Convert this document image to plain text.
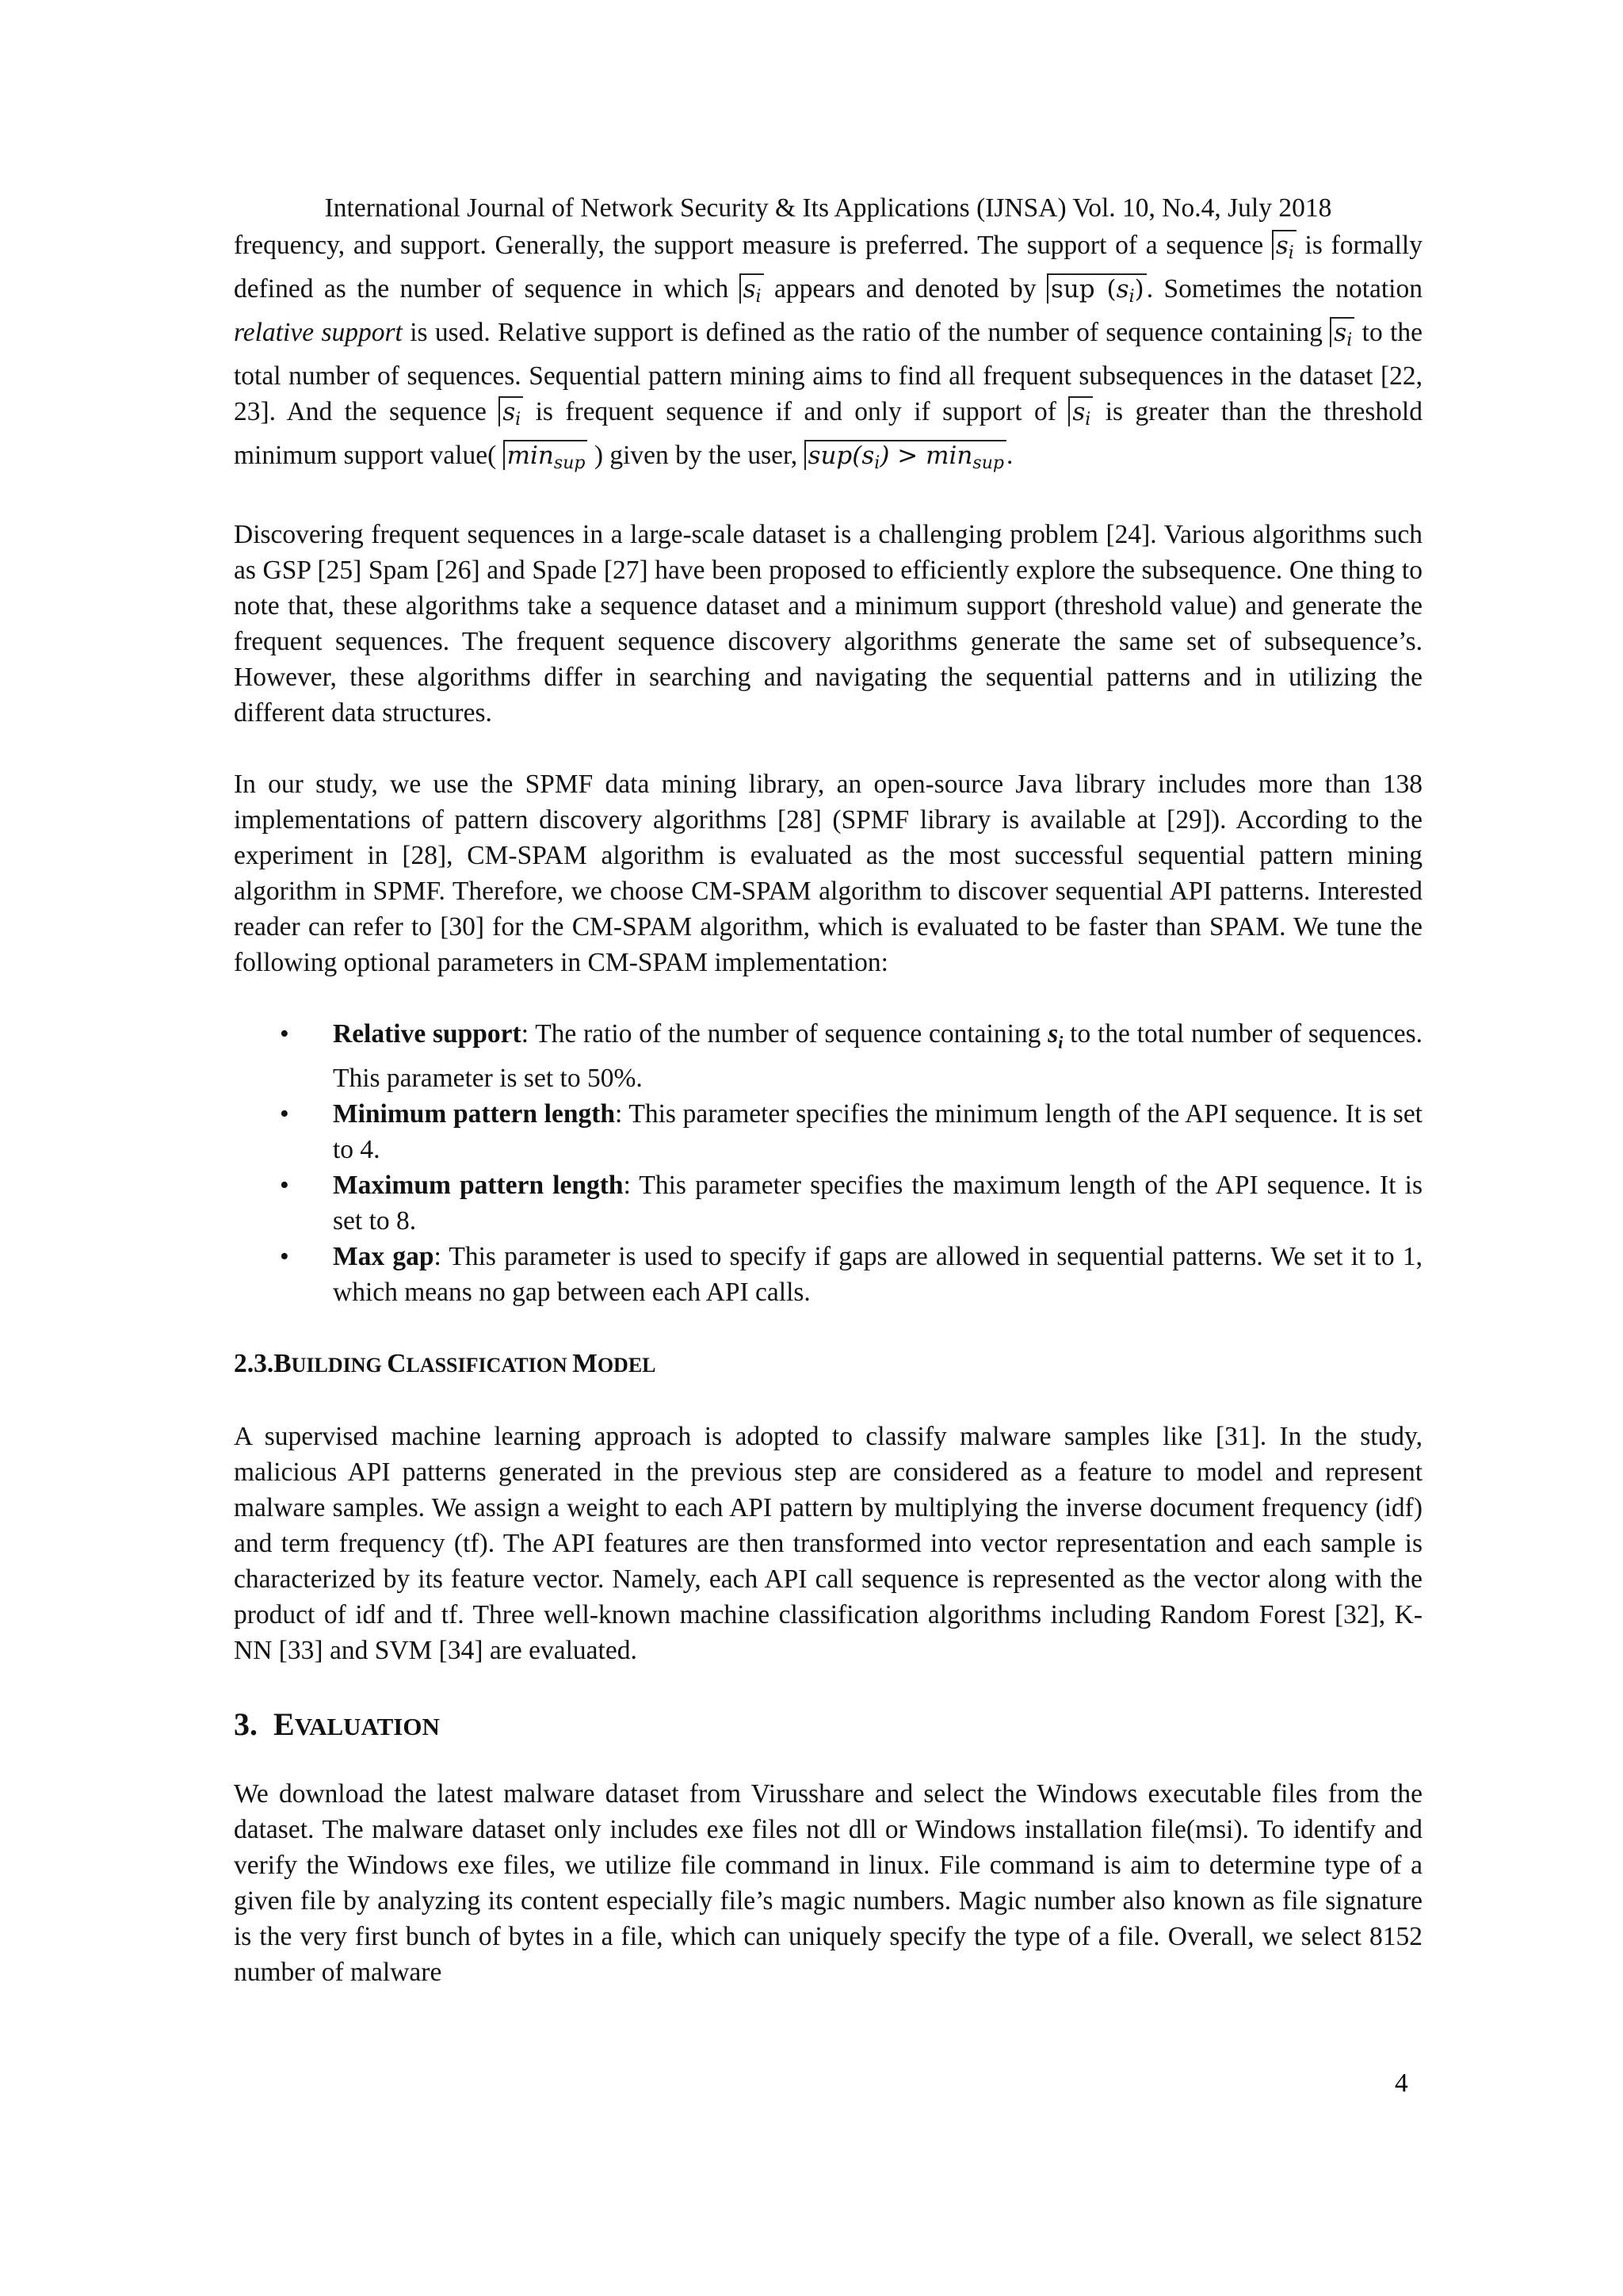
International Journal of Network Security & Its Applications (IJNSA) Vol. 10, No.4, July 2018

frequency, and support. Generally, the support measure is preferred. The support of a sequence $s_i$ is formally defined as the number of sequence in which $s_i$ appears and denoted by sup $(s_i)$. Sometimes the notation relative support is used. Relative support is defined as the ratio of the number of sequence containing $s_i$ to the total number of sequences. Sequential pattern mining aims to find all frequent subsequences in the dataset [22, 23]. And the sequence $s_i$ is frequent sequence if and only if support of $s_i$ is greater than the threshold minimum support value( $\min_{sup}$ ) given by the user, $sup(s_i) > \min_{sup}$.

Discovering frequent sequences in a large-scale dataset is a challenging problem [24]. Various algorithms such as GSP [25] Spam [26] and Spade [27] have been proposed to efficiently explore the subsequence. One thing to note that, these algorithms take a sequence dataset and a minimum support (threshold value) and generate the frequent sequences. The frequent sequence discovery algorithms generate the same set of subsequence’s. However, these algorithms differ in searching and navigating the sequential patterns and in utilizing the different data structures.

In our study, we use the SPMF data mining library, an open-source Java library includes more than 138 implementations of pattern discovery algorithms [28] (SPMF library is available at [29]). According to the experiment in [28], CM-SPAM algorithm is evaluated as the most successful sequential pattern mining algorithm in SPMF. Therefore, we choose CM-SPAM algorithm to discover sequential API patterns. Interested reader can refer to [30] for the CM-SPAM algorithm, which is evaluated to be faster than SPAM. We tune the following optional parameters in CM-SPAM implementation:

• Relative support: The ratio of the number of sequence containing $s_i$ to the total number of sequences. This parameter is set to 50%.
• Minimum pattern length: This parameter specifies the minimum length of the API sequence. It is set to 4.
• Maximum pattern length: This parameter specifies the maximum length of the API sequence. It is set to 8.
• Max gap: This parameter is used to specify if gaps are allowed in sequential patterns. We set it to 1, which means no gap between each API calls.
2.3.BUILDING CLASSIFICATION MODEL

A supervised machine learning approach is adopted to classify malware samples like [31]. In the study, malicious API patterns generated in the previous step are considered as a feature to model and represent malware samples. We assign a weight to each API pattern by multiplying the inverse document frequency (idf) and term frequency (tf). The API features are then transformed into vector representation and each sample is characterized by its feature vector. Namely, each API call sequence is represented as the vector along with the product of idf and tf. Three well-known machine classification algorithms including Random Forest [32], K-NN [33] and SVM [34] are evaluated.

3.  EVALUATION

We download the latest malware dataset from Virusshare and select the Windows executable files from the dataset. The malware dataset only includes exe files not dll or Windows installation file(msi). To identify and verify the Windows exe files, we utilize file command in linux. File command is aim to determine type of a given file by analyzing its content especially file’s magic numbers. Magic number also known as file signature is the very first bunch of bytes in a file, which can uniquely specify the type of a file. Overall, we select 8152 number of malware

4
